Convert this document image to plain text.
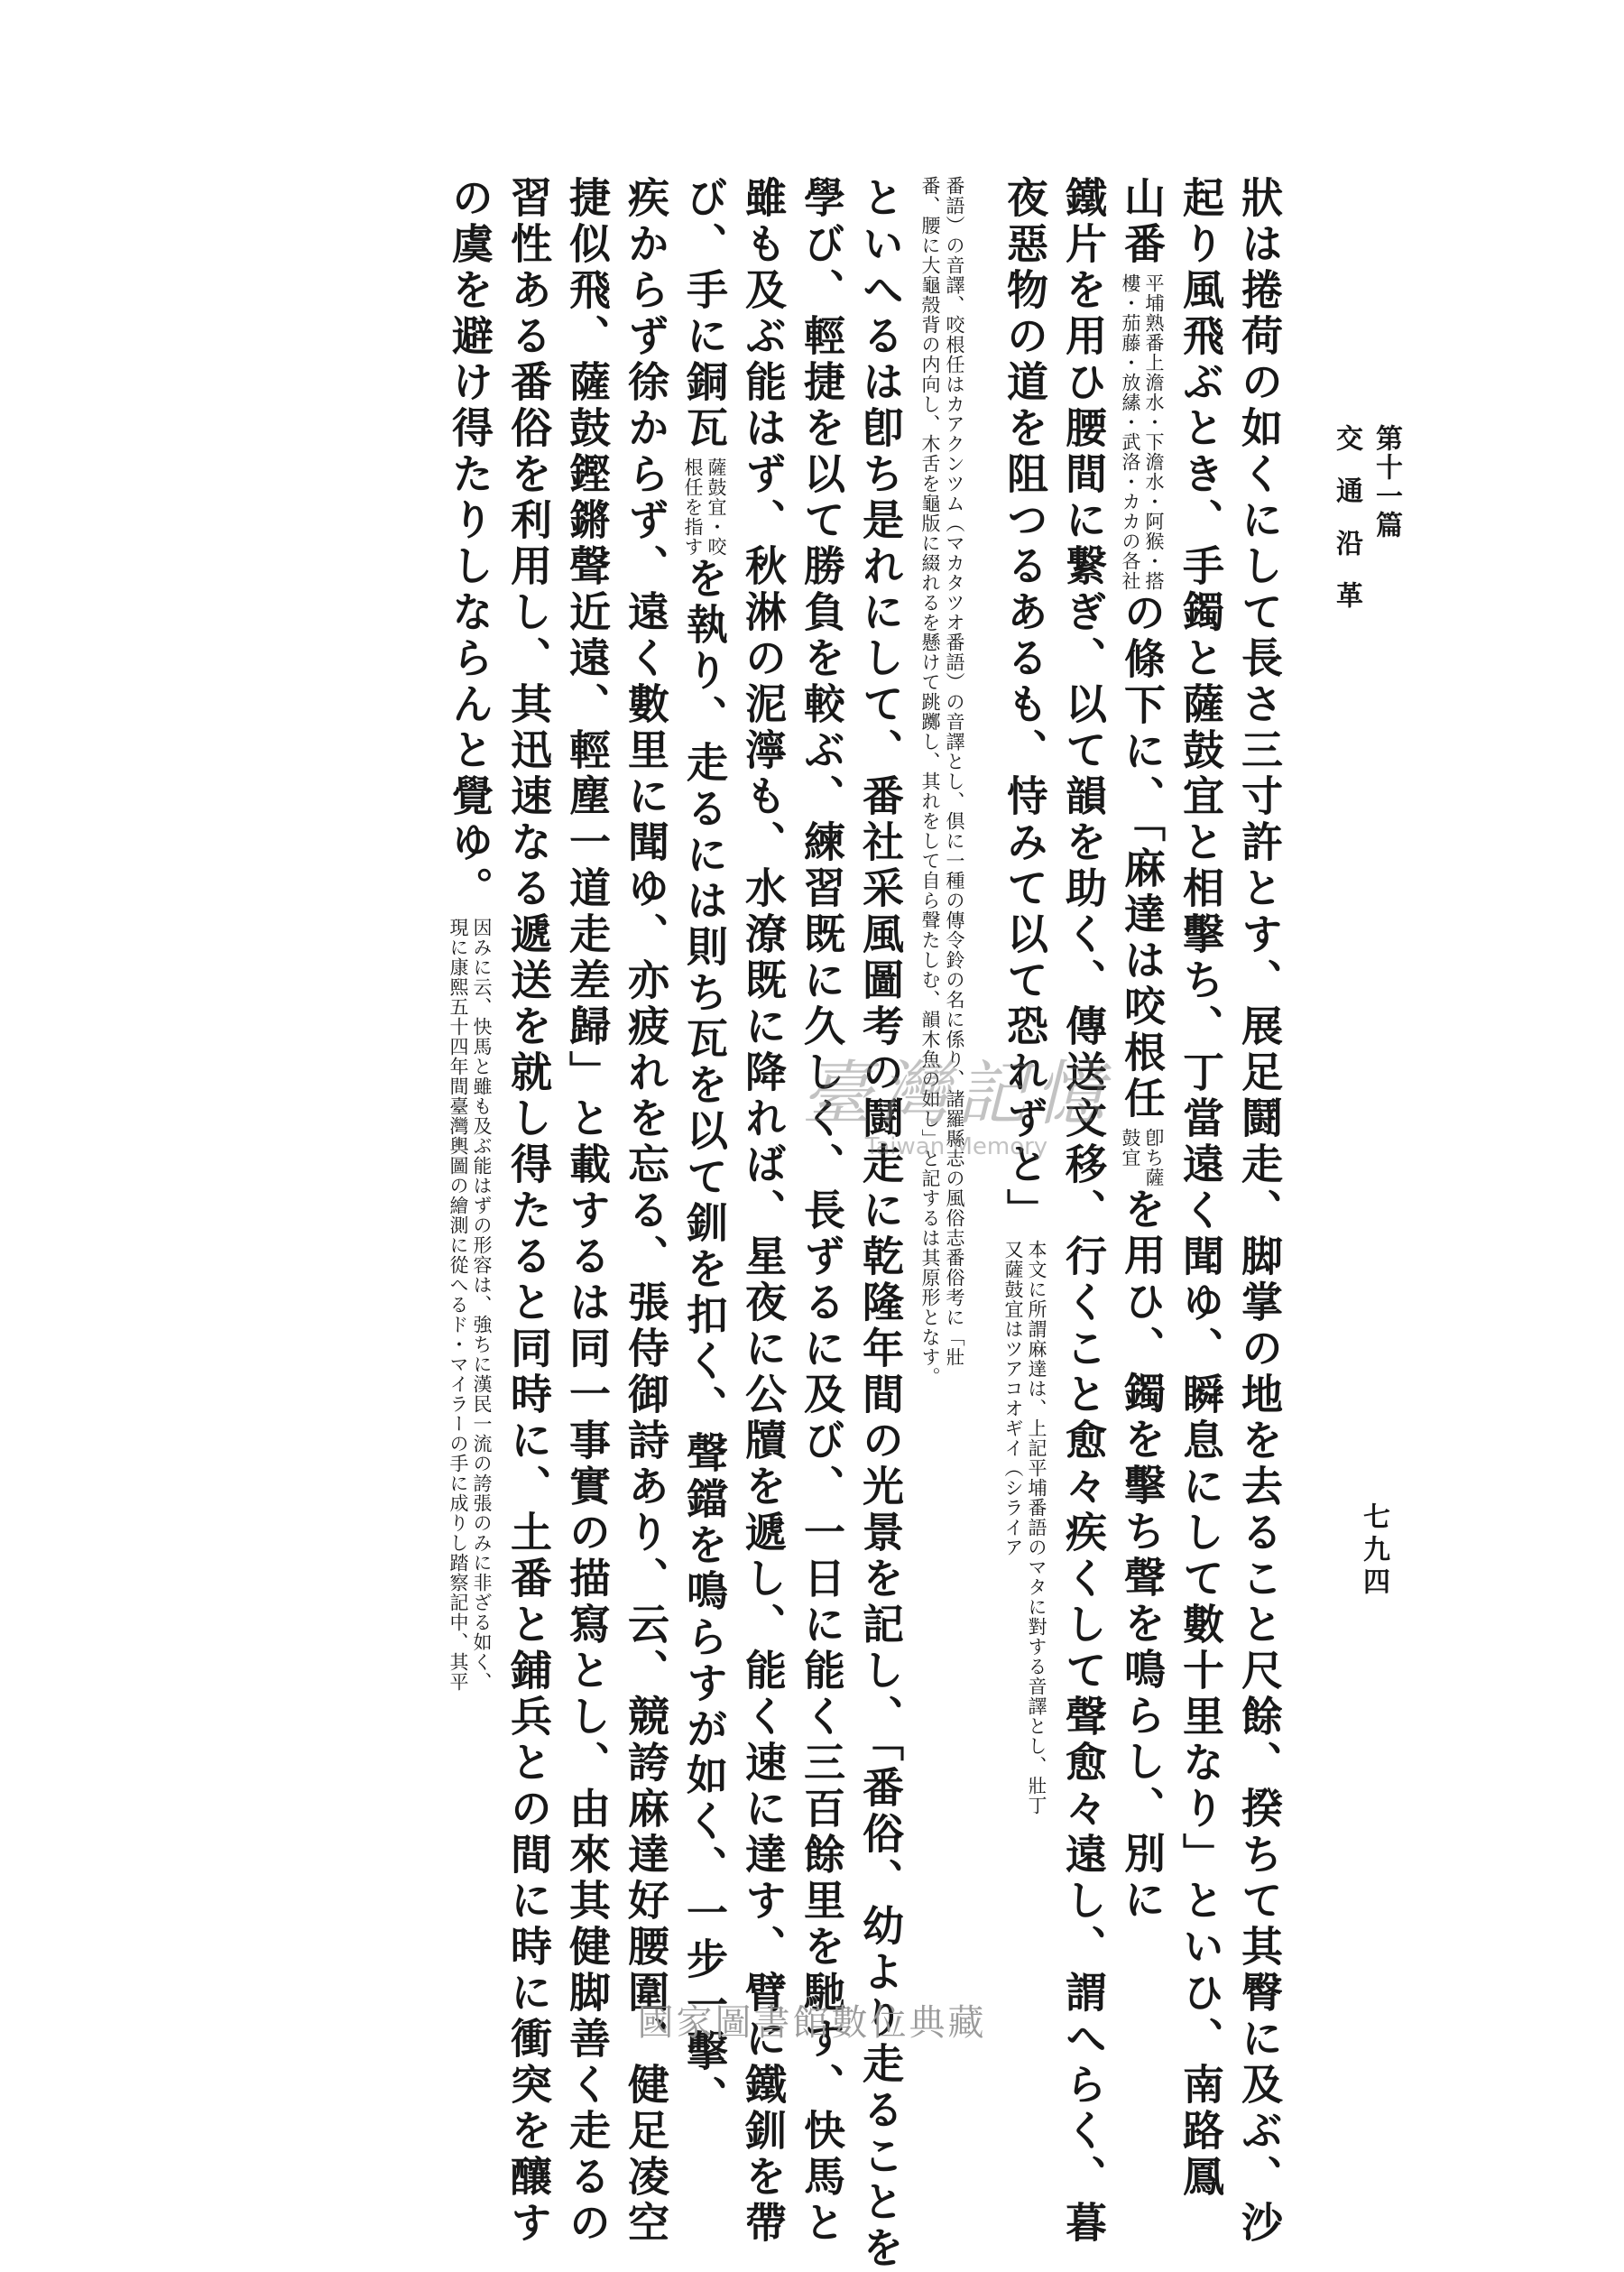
第十一篇
交通沿革
七九四
狀は捲荷の如くにして長さ三寸許とす、展足鬪走、脚掌の地を去ること尺餘、揆ちて其臀に及ぶ、沙
起り風飛ぶとき、手鐲と薩鼓宜と相擊ち、丁當遠く聞ゆ、瞬息にして數十里なり」といひ、南路鳳
山番
平埔熟番上澹水・下澹水・阿猴・搭
樓・茄藤・放縤・武洛・カカの各社
の條下に、「麻達は咬根任
卽ち薩
鼓宜
を用ひ、鐲を擊ち聲を鳴らし、別に
鐵片を用ひ腰間に繋ぎ、以て韻を助く、傳送文移、行くこと愈々疾くして聲愈々遠し、謂へらく、暮
夜惡物の道を阻つるあるも、恃みて以て恐れずと」
本文に所謂麻達は、上記平埔番語のマタに對する音譯とし、壯丁
又薩鼓宜はツアコオギイ（シライア
番語）の音譯、咬根任はカアクンツム（マカタツオ番語）の音譯とし、倶に一種の傳令鈴の名に係り、諸羅縣志の風俗志番俗考に「壯
番、腰に大龜殼背の内向し、木舌を龜版に綴れるを懸けて跳躑し、其れをして自ら聲たしむ、韻木魚の如し」と記するは其原形となす。
といへるは卽ち是れにして、番社采風圖考の鬪走に乾隆年間の光景を記し、「番俗、幼より走ることを
學び、輕捷を以て勝負を較ぶ、練習既に久しく、長ずるに及び、一日に能く三百餘里を馳す、快馬と
雖も及ぶ能はず、秋淋の泥濘も、水潦既に降れば、星夜に公牘を遞し、能く速に達す、臂に鐵釧を帶
び、手に銅瓦
薩鼓宜・咬
根任を指す
を執り、走るには則ち瓦を以て釧を扣く、聲鐺を鳴らすが如く、一步一擊、
疾からず徐からず、遠く數里に聞ゆ、亦疲れを忘る、張侍御詩あり、云、競誇麻達好腰圍、健足凌空
捷似飛、薩鼓鏗鏘聲近遠、輕塵一道走差歸」と載するは同一事實の描寫とし、由來其健脚善く走るの
習性ある番俗を利用し、其迅速なる遞送を就し得たると同時に、土番と鋪兵との間に時に衝突を釀す
の虞を避け得たりしならんと覺ゆ。
因みに云、快馬と雖も及ぶ能はずの形容は、強ちに漢民一流の誇張のみに非ざる如く、
現に康熙五十四年間臺灣輿圖の繪測に從へるド・マイラーの手に成りし踏察記中、其平	臺灣記憶
Taiwan Memory
國家圖書館數位典藏
